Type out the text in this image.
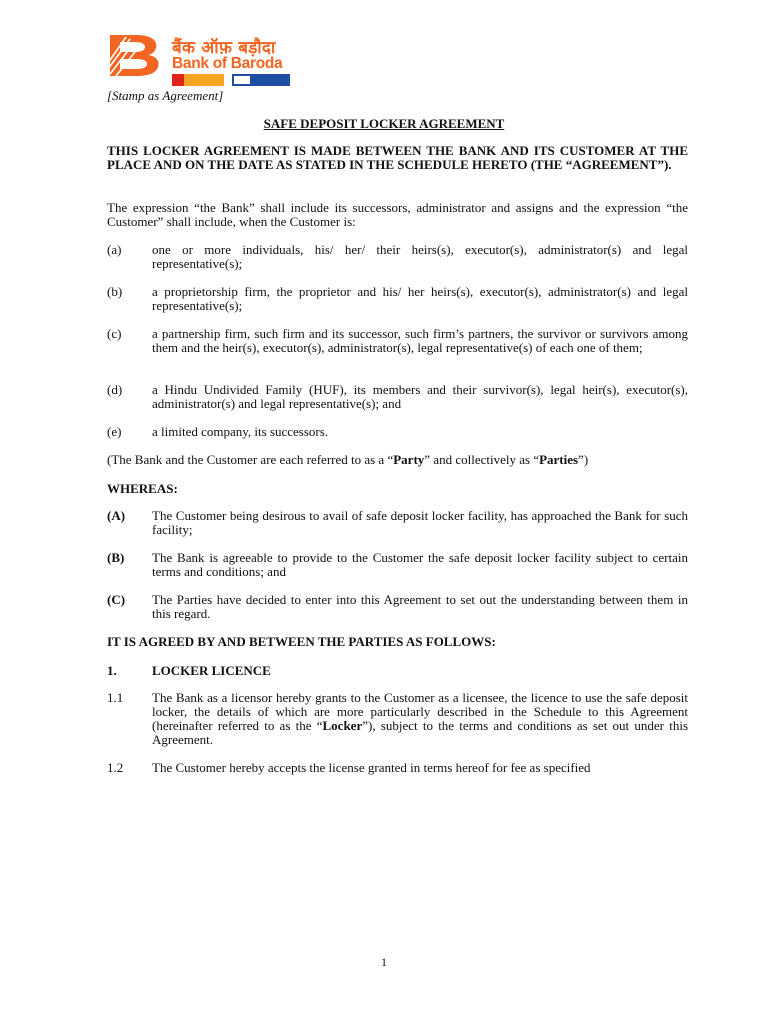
बैंक ऑफ़ बड़ौदा
Bank of Baroda
[Stamp as Agreement]
SAFE DEPOSIT LOCKER AGREEMENT
THIS LOCKER AGREEMENT IS MADE BETWEEN THE BANK AND ITS CUSTOMER AT THE PLACE AND ON THE DATE AS STATED IN THE SCHEDULE HERETO (THE “AGREEMENT”).
The expression “the Bank” shall include its successors, administrator and assigns and the expression “the Customer” shall include, when the Customer is:
(a)	one or more individuals, his/ her/ their heirs(s), executor(s), administrator(s) and legal representative(s);
(b)	a proprietorship firm, the proprietor and his/ her heirs(s), executor(s), administrator(s) and legal representative(s);
(c)	a partnership firm, such firm and its successor, such firm’s partners, the survivor or survivors among them and the heir(s), executor(s), administrator(s), legal representative(s) of each one of them;
(d)	a Hindu Undivided Family (HUF), its members and their survivor(s), legal heir(s), executor(s), administrator(s) and legal representative(s); and
(e)	a limited company, its successors.
(The Bank and the Customer are each referred to as a “Party” and collectively as “Parties”)
WHEREAS:
(A)	The Customer being desirous to avail of safe deposit locker facility, has approached the Bank for such facility;
(B)	The Bank is agreeable to provide to the Customer the safe deposit locker facility subject to certain terms and conditions; and
(C)	The Parties have decided to enter into this Agreement to set out the understanding between them in this regard.
IT IS AGREED BY AND BETWEEN THE PARTIES AS FOLLOWS:
1.	LOCKER LICENCE
1.1	The Bank as a licensor hereby grants to the Customer as a licensee, the licence to use the safe deposit locker, the details of which are more particularly described in the Schedule to this Agreement (hereinafter referred to as the “Locker”), subject to the terms and conditions as set out under this Agreement.
1.2	The Customer hereby accepts the license granted in terms hereof for fee as specified
1
